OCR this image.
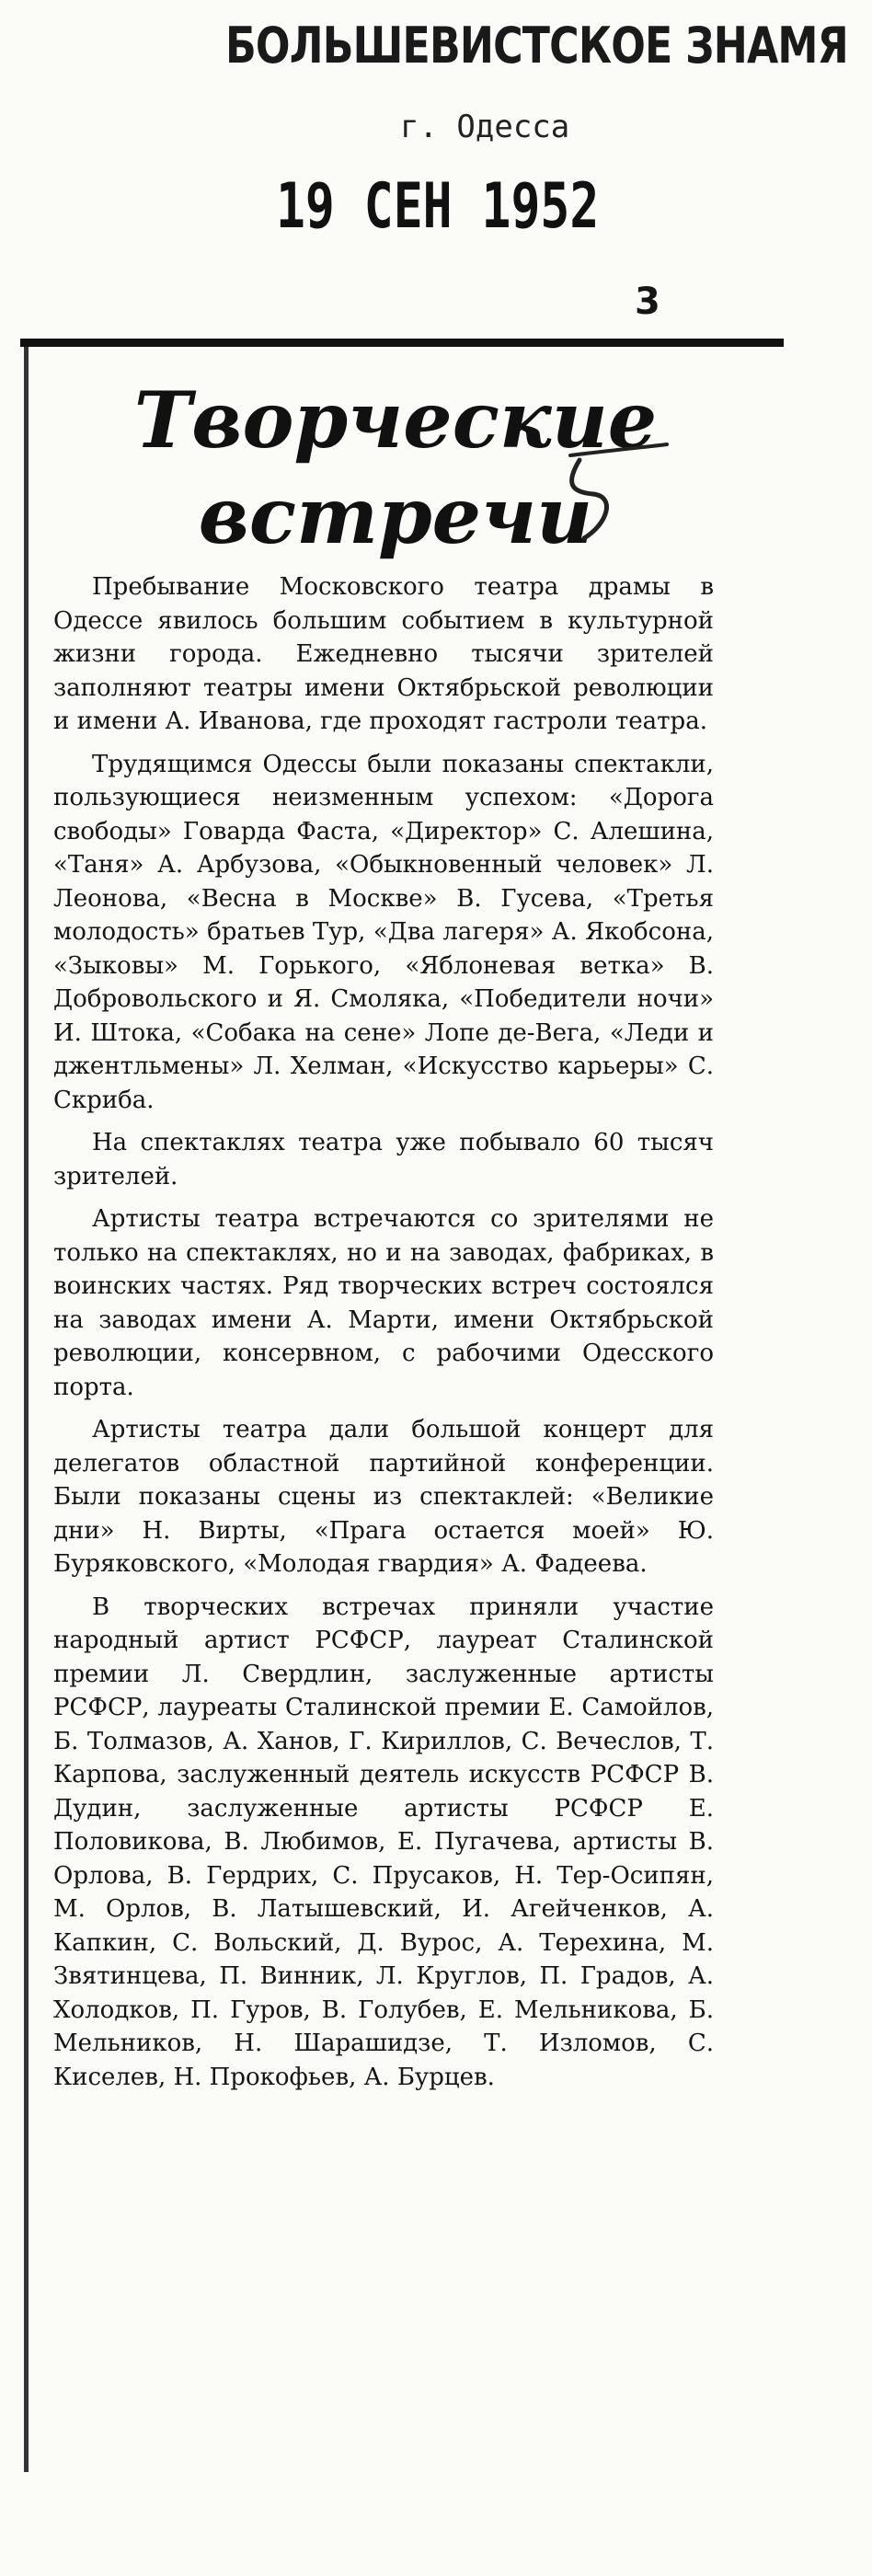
БОЛЬШЕВИСТСКОЕ ЗНАМЯ
г. Одесса
19 СЕН 1952
3
Творческие встречи

Пребывание Московского театра драмы в Одессе явилось большим событием в культурной жизни города. Ежедневно тысячи зрителей заполняют театры имени Октябрьской революции и имени А. Иванова, где проходят гастроли театра.

Трудящимся Одессы были показаны спектакли, пользующиеся неизменным успехом: «Дорога свободы» Говарда Фаста, «Директор» С. Алешина, «Таня» А. Арбузова, «Обыкновенный человек» Л. Леонова, «Весна в Москве» В. Гусева, «Третья молодость» братьев Тур, «Два лагеря» А. Якобсона, «Зыковы» М. Горького, «Яблоневая ветка» В. Добровольского и Я. Смоляка, «Победители ночи» И. Штока, «Собака на сене» Лопе де-Вега, «Леди и джентльмены» Л. Хелман, «Искусство карьеры» С. Скриба.

На спектаклях театра уже побывало 60 тысяч зрителей.

Артисты театра встречаются со зрителями не только на спектаклях, но и на заводах, фабриках, в воинских частях. Ряд творческих встреч состоялся на заводах имени А. Марти, имени Октябрьской революции, консервном, с рабочими Одесского порта.

Артисты театра дали большой концерт для делегатов областной партийной конференции. Были показаны сцены из спектаклей: «Великие дни» Н. Вирты, «Прага остается моей» Ю. Буряковского, «Молодая гвардия» А. Фадеева.

В творческих встречах приняли участие народный артист РСФСР, лауреат Сталинской премии Л. Свердлин, заслуженные артисты РСФСР, лауреаты Сталинской премии Е. Самойлов, Б. Толмазов, А. Ханов, Г. Кириллов, С. Вечеслов, Т. Карпова, заслуженный деятель искусств РСФСР В. Дудин, заслуженные артисты РСФСР Е. Половикова, В. Любимов, Е. Пугачева, артисты В. Орлова, В. Гердрих, С. Прусаков, Н. Тер-Осипян, М. Орлов, В. Латышевский, И. Агейченков, А. Капкин, С. Вольский, Д. Вурос, А. Терехина, М. Звятинцева, П. Винник, Л. Круглов, П. Градов, А. Холодков, П. Гуров, В. Голубев, Е. Мельникова, Б. Мельников, Н. Шарашидзе, Т. Изломов, С. Киселев, Н. Прокофьев, А. Бурцев.
